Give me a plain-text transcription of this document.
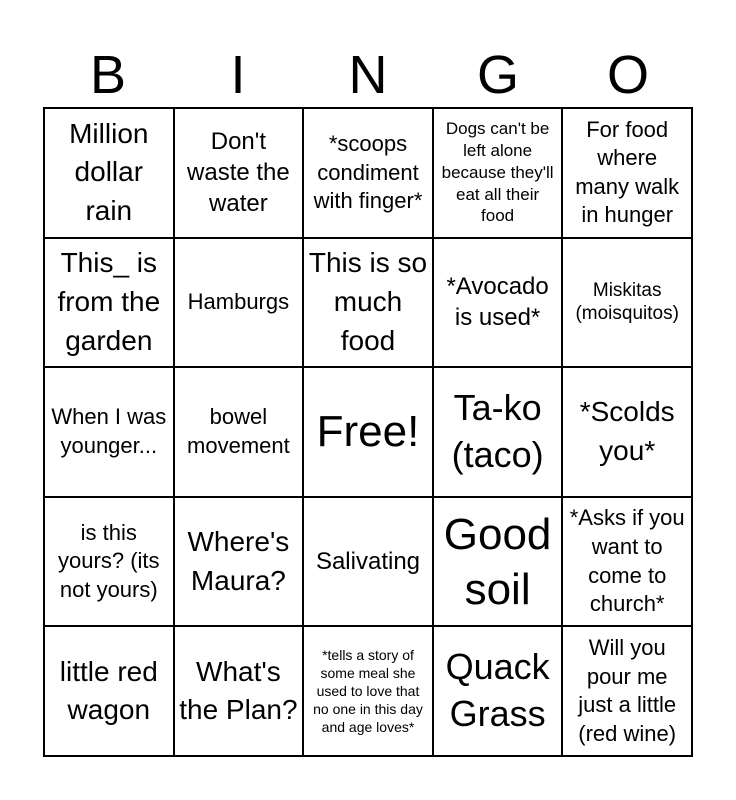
B	I	N	G	O
Million dollar rain
Don't waste the water
*scoops condiment with finger*
Dogs can't be left alone because they'll eat all their food
For food where many walk in hunger
This_ is from the garden
Hamburgs
This is so much food
*Avocado is used*
Miskitas (moisquitos)
When I was younger...
bowel movement Free! Ta-ko (taco)
*Scolds you*
is this yours? (its not yours)
Where's Maura?
Salivating
Good soil
*Asks if you want to come to church*
little red wagon
What's the Plan?
*tells a story of some meal she used to love that no one in this day and age loves*
Quack Grass
Will you pour me just a little (red wine)
